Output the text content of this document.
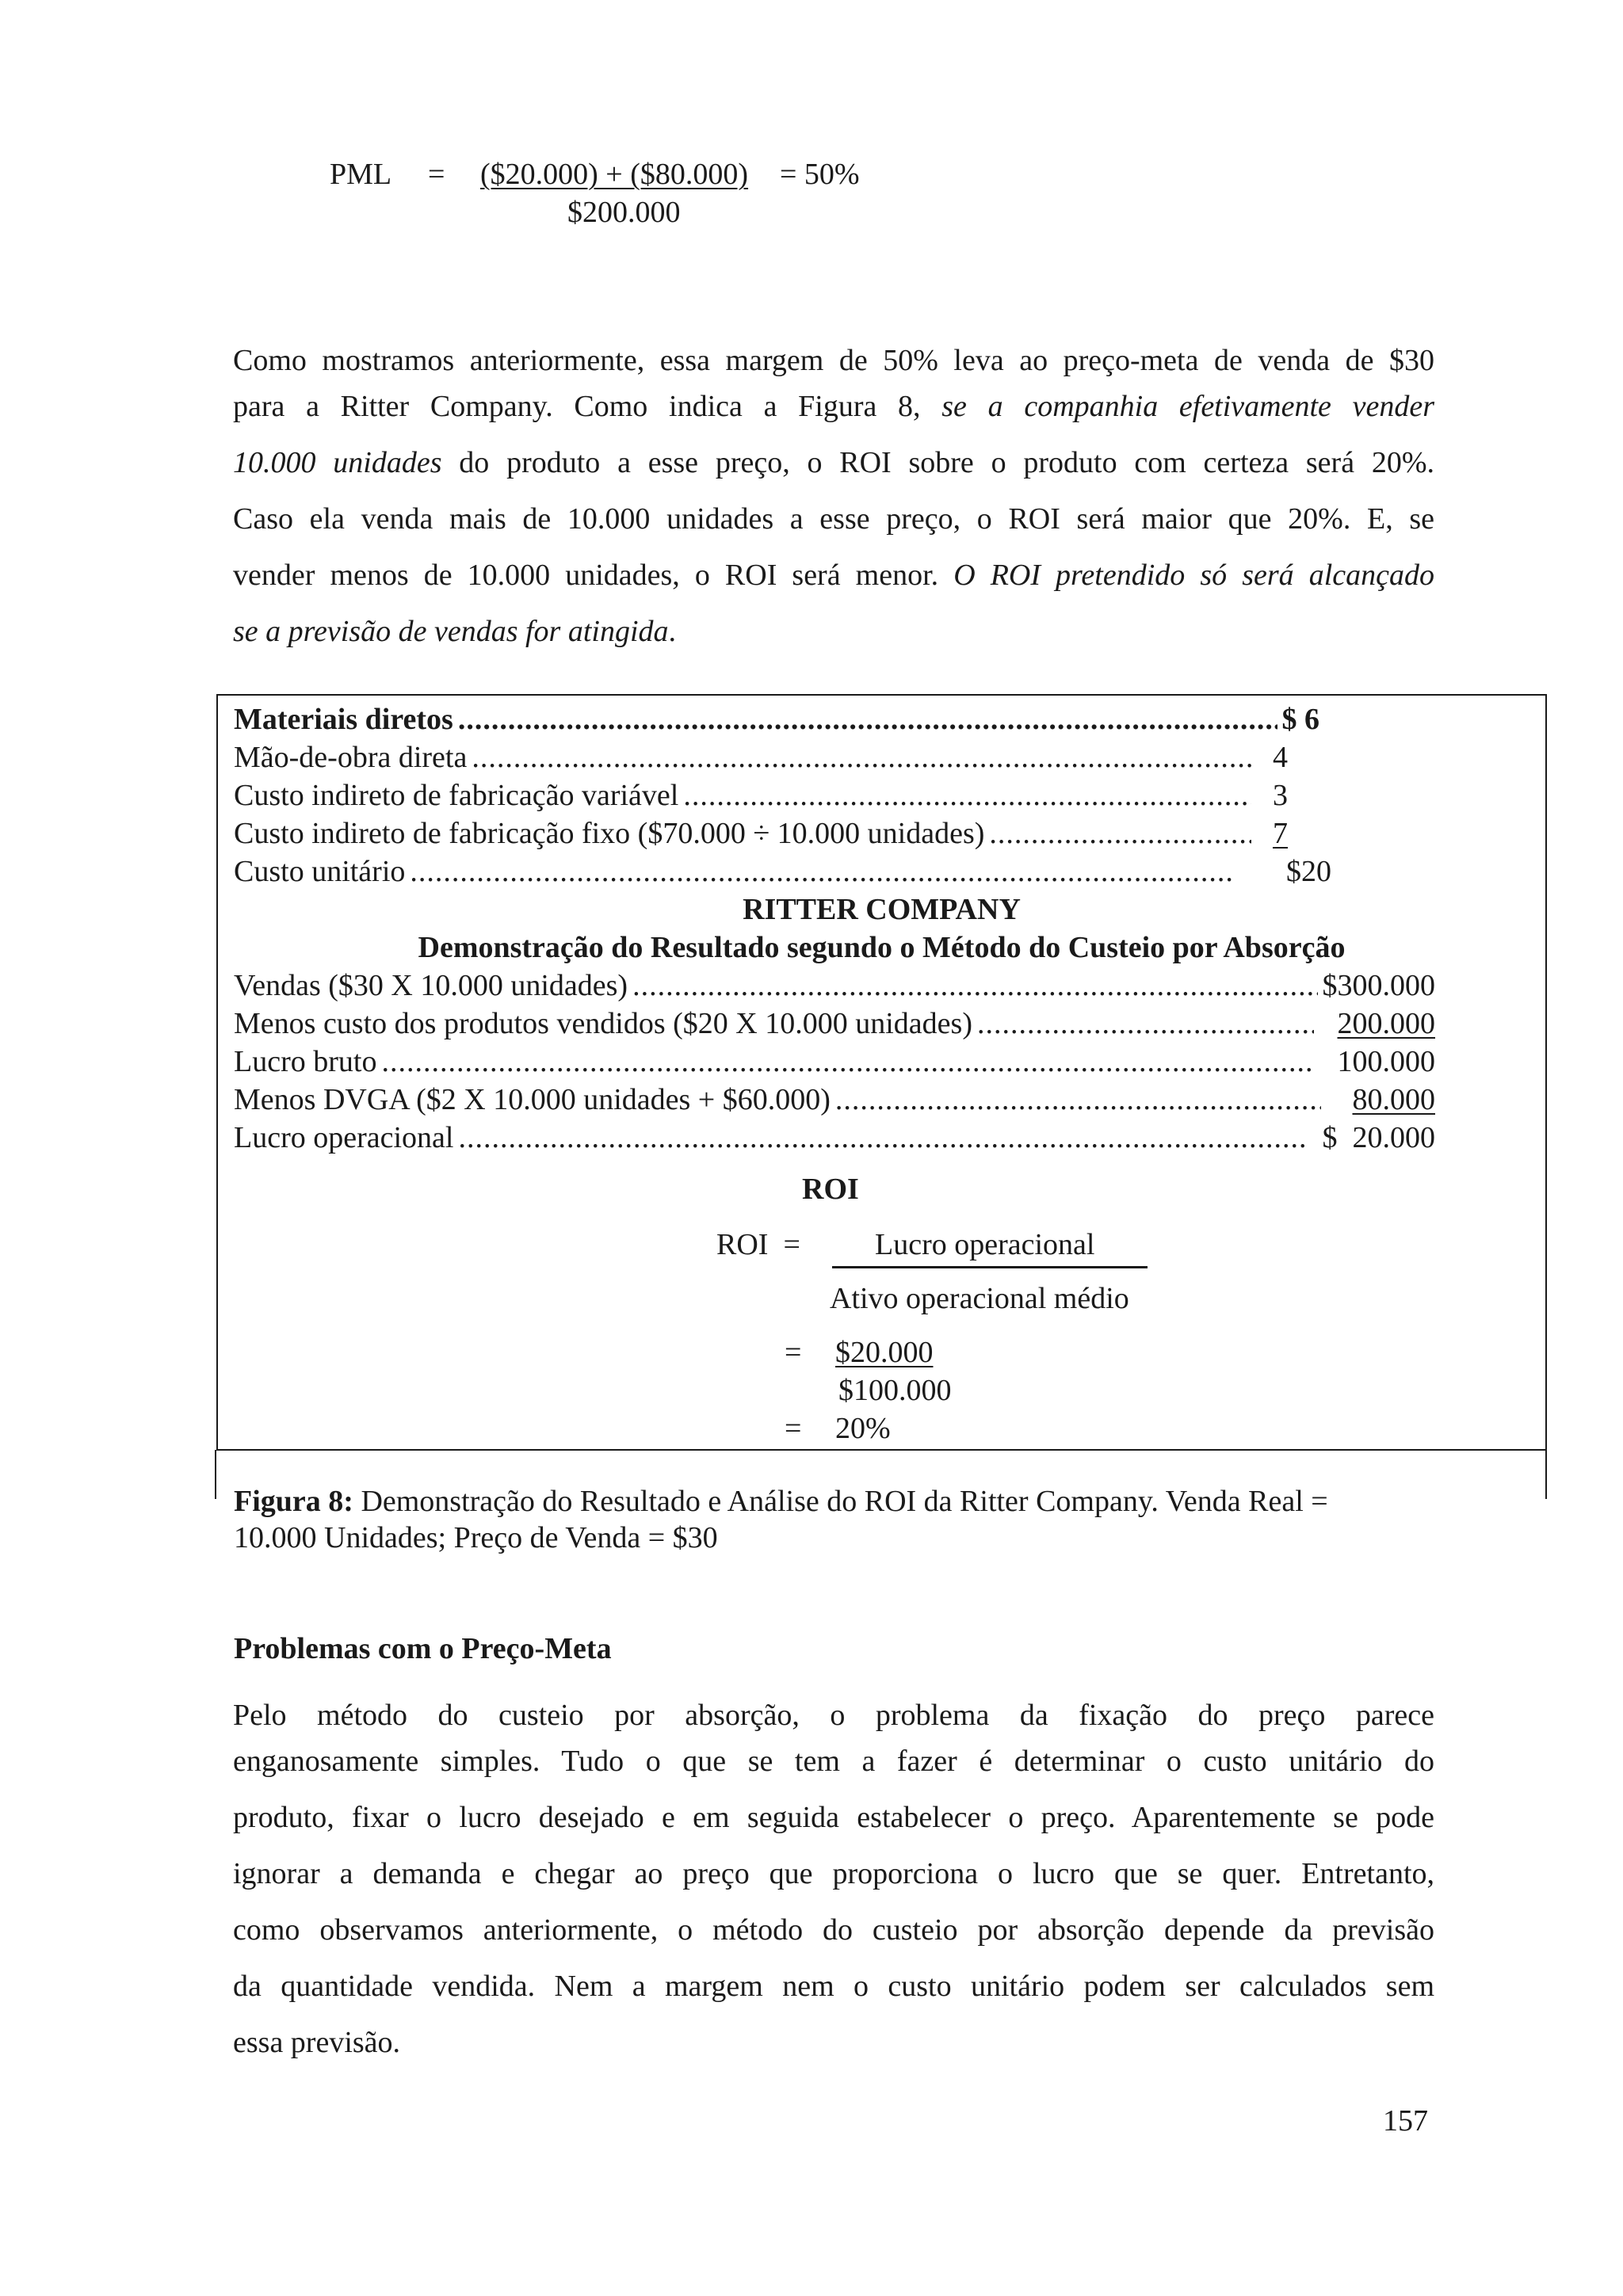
PML = ($20.000) + ($80.000) = 50%
$200.000
Como mostramos anteriormente, essa margem de 50% leva ao preço-meta de venda de $30
para a Ritter Company. Como indica a Figura 8, se a companhia efetivamente vender
10.000 unidades do produto a esse preço, o ROI sobre o produto com certeza será 20%.
Caso ela venda mais de 10.000 unidades a esse preço, o ROI será maior que 20%. E, se
vender menos de 10.000 unidades, o ROI será menor. O ROI pretendido só será alcançado
se a previsão de vendas for atingida.
Materiais diretos .....	$ 6
Mão-de-obra direta .....	4
Custo indireto de fabricação variável .....	3
Custo indireto de fabricação fixo ($70.000 ÷ 10.000 unidades) .....	7
Custo unitário .....	$20
RITTER COMPANY
Demonstração do Resultado segundo o Método do Custeio por Absorção
Vendas ($30 X 10.000 unidades) .....	$300.000
Menos custo dos produtos vendidos ($20 X 10.000 unidades) .....	200.000
Lucro bruto .....	100.000
Menos DVGA ($2 X 10.000 unidades + $60.000) .....	80.000
Lucro operacional .....	$  20.000
ROI
ROI  = Lucro operacional
Ativo operacional médio
= $20.000
$100.000
= 20%
Figura 8: Demonstração do Resultado e Análise do ROI da Ritter Company. Venda Real =
10.000 Unidades; Preço de Venda = $30
Problemas com o Preço-Meta
Pelo método do custeio por absorção, o problema da fixação do preço parece
enganosamente simples. Tudo o que se tem a fazer é determinar o custo unitário do
produto, fixar o lucro desejado e em seguida estabelecer o preço. Aparentemente se pode
ignorar a demanda e chegar ao preço que proporciona o lucro que se quer. Entretanto,
como observamos anteriormente, o método do custeio por absorção depende da previsão
da quantidade vendida. Nem a margem nem o custo unitário podem ser calculados sem
essa previsão.
157
